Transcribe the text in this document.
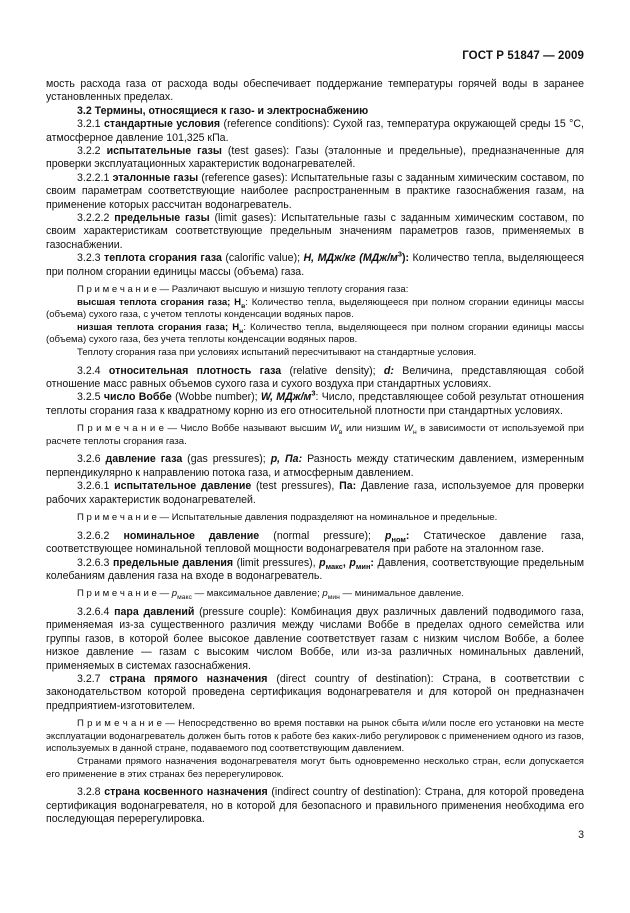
ГОСТ Р 51847 — 2009

мость расхода газа от расхода воды обеспечивает поддержание температуры горячей воды в заранее установленных пределах.

3.2 Термины, относящиеся к газо- и электроснабжению

3.2.1 стандартные условия (reference conditions): Сухой газ, температура окружающей среды 15 °С, атмосферное давление 101,325 кПа.

3.2.2 испытательные газы (test gases): Газы (эталонные и предельные), предназначенные для проверки эксплуатационных характеристик водонагревателей.

3.2.2.1 эталонные газы (reference gases): Испытательные газы с заданным химическим составом, по своим параметрам соответствующие наиболее распространенным в практике газоснабжения газам, на применение которых рассчитан водонагреватель.

3.2.2.2 предельные газы (limit gases): Испытательные газы с заданным химическим составом, по своим характеристикам соответствующие предельным значениям параметров газов, применяемых в газоснабжении.

3.2.3 теплота сгорания газа (calorific value); H, МДж/кг $(МДж/м^3)$: Количество тепла, выделяющееся при полном сгорании единицы массы (объема) газа.

П р и м е ч а н и е — Различают высшую и низшую теплоту сгорания газа:

высшая теплота сгорания газа; $H_в$: Количество тепла, выделяющееся при полном сгорании единицы массы (объема) сухого газа, с учетом теплоты конденсации водяных паров.

низшая теплота сгорания газа; $H_н$: Количество тепла, выделяющееся при полном сгорании единицы массы (объема) сухого газа, без учета теплоты конденсации водяных паров.

Теплоту сгорания газа при условиях испытаний пересчитывают на стандартные условия.

3.2.4 относительная плотность газа (relative density); d: Величина, представляющая собой отношение масс равных объемов сухого газа и сухого воздуха при стандартных условиях.

3.2.5 число Воббе (Wobbe number); W, МДж/$м^3$: Число, представляющее собой результат отношения теплоты сгорания газа к квадратному корню из его относительной плотности при стандартных условиях.

П р и м е ч а н и е — Число Воббе называют высшим $W_в$ или низшим $W_н$ в зависимости от используемой при расчете теплоты сгорания газа.

3.2.6 давление газа (gas pressures); p, Па: Разность между статическим давлением, измеренным перпендикулярно к направлению потока газа, и атмосферным давлением.

3.2.6.1 испытательное давление (test pressures), Па: Давление газа, используемое для проверки рабочих характеристик водонагревателей.

П р и м е ч а н и е — Испытательные давления подразделяют на номинальное и предельные.

3.2.6.2 номинальное давление (normal pressure); $p_{ном}$: Статическое давление газа, соответствующее номинальной тепловой мощности водонагревателя при работе на эталонном газе.

3.2.6.3 предельные давления (limit pressures), $p_{макс}$, $p_{мин}$: Давления, соответствующие предельным колебаниям давления газа на входе в водонагреватель.

П р и м е ч а н и е — $p_{макс}$ — максимальное давление; $p_{мин}$ — минимальное давление.

3.2.6.4 пара давлений (pressure couple): Комбинация двух различных давлений подводимого газа, применяемая из-за существенного различия между числами Воббе в пределах одного семейства или группы газов, в которой более высокое давление соответствует газам с низким числом Воббе, а более низкое давление — газам с высоким числом Воббе, или из-за различных номинальных давлений, применяемых в системах газоснабжения.

3.2.7 страна прямого назначения (direct country of destination): Страна, в соответствии с законодательством которой проведена сертификация водонагревателя и для которой он предназначен предприятием-изготовителем.

П р и м е ч а н и е — Непосредственно во время поставки на рынок сбыта и/или после его установки на месте эксплуатации водонагреватель должен быть готов к работе без каких-либо регулировок с применением одного из газов, используемых в данной стране, подаваемого под соответствующим давлением.

Странами прямого назначения водонагревателя могут быть одновременно несколько стран, если допускается его применение в этих странах без перерегулировок.

3.2.8 страна косвенного назначения (indirect country of destination): Страна, для которой проведена сертификация водонагревателя, но в которой для безопасного и правильного применения необходима его последующая перерегулировка.

3
